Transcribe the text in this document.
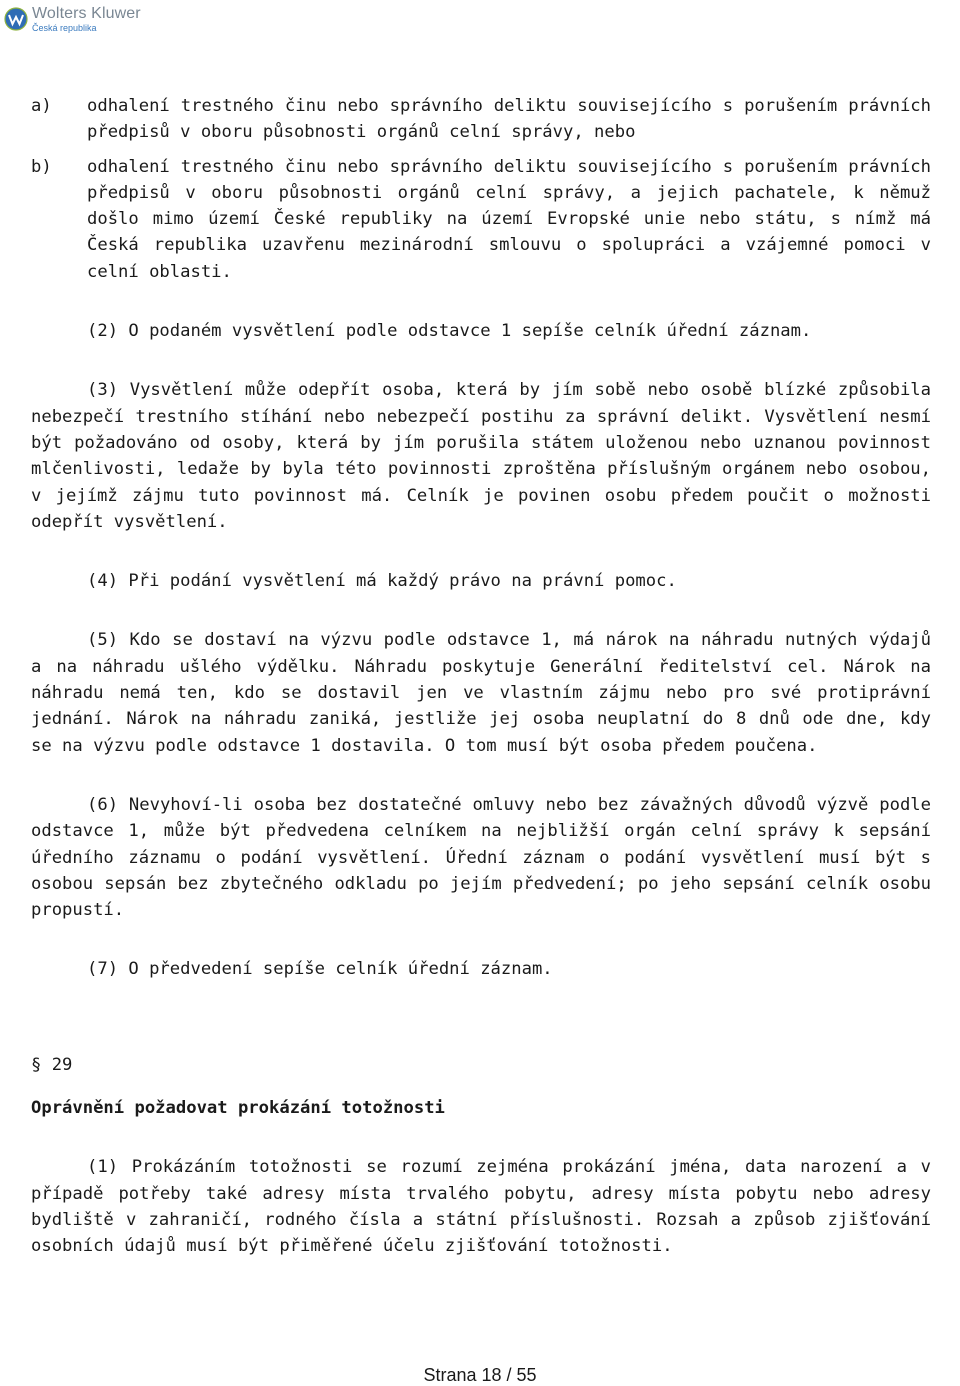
Wolters Kluwer
Česká republika
a)	odhalení trestného činu nebo správního deliktu souvisejícího s porušením právních předpisů v oboru působnosti orgánů celní správy, nebo
b)	odhalení trestného činu nebo správního deliktu souvisejícího s porušením právních předpisů v oboru působnosti orgánů celní správy, a jejich pachatele, k němuž došlo mimo území České republiky na území Evropské unie nebo státu, s nímž má Česká republika uzavřenu mezinárodní smlouvu o spolupráci a vzájemné pomoci v celní oblasti.

(2) O podaném vysvětlení podle odstavce 1 sepíše celník úřední záznam.

(3) Vysvětlení může odepřít osoba, která by jím sobě nebo osobě blízké způsobila nebezpečí trestního stíhání nebo nebezpečí postihu za správní delikt. Vysvětlení nesmí být požadováno od osoby, která by jím porušila státem uloženou nebo uznanou povinnost mlčenlivosti, ledaže by byla této povinnosti zproštěna příslušným orgánem nebo osobou, v jejímž zájmu tuto povinnost má. Celník je povinen osobu předem poučit o možnosti odepřít vysvětlení.

(4) Při podání vysvětlení má každý právo na právní pomoc.

(5) Kdo se dostaví na výzvu podle odstavce 1, má nárok na náhradu nutných výdajů a na náhradu ušlého výdělku. Náhradu poskytuje Generální ředitelství cel. Nárok na náhradu nemá ten, kdo se dostavil jen ve vlastním zájmu nebo pro své protiprávní jednání. Nárok na náhradu zaniká, jestliže jej osoba neuplatní do 8 dnů ode dne, kdy se na výzvu podle odstavce 1 dostavila. O tom musí být osoba předem poučena.

(6) Nevyhoví-li osoba bez dostatečné omluvy nebo bez závažných důvodů výzvě podle odstavce 1, může být předvedena celníkem na nejbližší orgán celní správy k sepsání úředního záznamu o podání vysvětlení. Úřední záznam o podání vysvětlení musí být s osobou sepsán bez zbytečného odkladu po jejím předvedení; po jeho sepsání celník osobu propustí.

(7) O předvedení sepíše celník úřední záznam.

§ 29

Oprávnění požadovat prokázání totožnosti

(1) Prokázáním totožnosti se rozumí zejména prokázání jména, data narození a v případě potřeby také adresy místa trvalého pobytu, adresy místa pobytu nebo adresy bydliště v zahraničí, rodného čísla a státní příslušnosti. Rozsah a způsob zjišťování osobních údajů musí být přiměřené účelu zjišťování totožnosti.

Strana 18 / 55
